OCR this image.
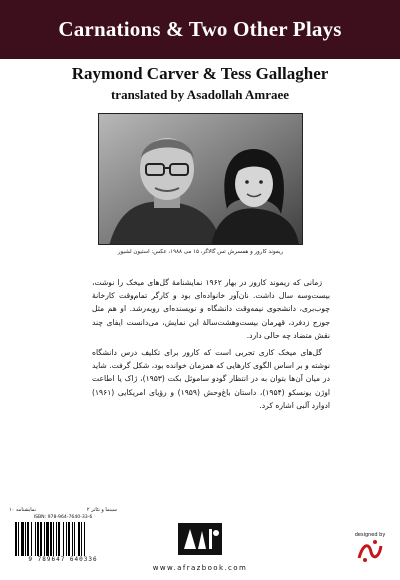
Carnations & Two Other Plays
Raymond Carver & Tess Gallagher
translated by Asadollah Amraee
ریموند کارور و همسرش تس گالاگر، ۱۵ می ۱۹۸۸، عکس: استیون لشیور

زمانی که ریموند کارور در بهار ۱۹۶۲ نمایشنامهٔ گل‌های میخک را نوشت، بیست‌وسه سال داشت. نان‌آور خانواده‌ای بود و کارگر تمام‌وقت کارخانهٔ چوب‌بری، دانشجوی نیمه‌وقت دانشگاه و نویسنده‌ای روبه‌رشد. او هم مثل جورج زدفرد، قهرمان بیست‌وهشت‌سالهٔ این نمایش، می‌دانست ایفای چند نقش متضاد چه حالی دارد.

گل‌های میخک کاری تجربی است که کارور برای تکلیف درس دانشگاه نوشته و بر اساس الگوی کارهایی که همزمان خوانده بود، شکل گرفت. شاید در میان آن‌ها بتوان به در انتظار گودو ساموئل بکت (۱۹۵۳)، ژاک یا اطاعت اوژن یونسکو (۱۹۵۴)، داستان باغ‌وحش (۱۹۵۹) و رؤیای امریکایی (۱۹۶۱) ادوارد آلبی اشاره کرد.

سینما و تئاتر ۲
نمایشنامه ۱۰
ISBN: 978-964-7640-33-6
9 789647 640336
www.afrazbook.com
designed by
